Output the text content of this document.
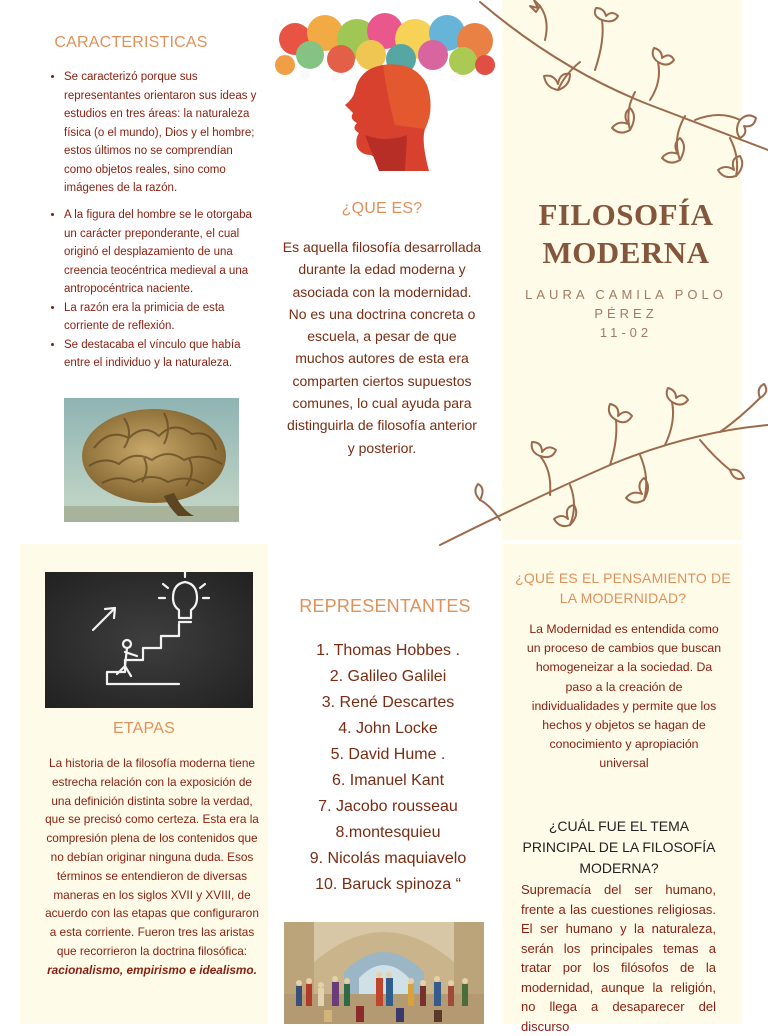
CARACTERISTICAS
• Se caracterizó porque sus representantes orientaron sus ideas y estudios en tres áreas: la naturaleza física (o el mundo), Dios y el hombre; estos últimos no se comprendían como objetos reales, sino como imágenes de la razón.
• A la figura del hombre se le otorgaba un carácter preponderante, el cual originó el desplazamiento de una creencia teocéntrica medieval a una antropocéntrica naciente.
• La razón era la primicia de esta corriente de reflexión.
• Se destacaba el vínculo que había entre el individuo y la naturaleza.
¿QUE ES?
Es aquella filosofía desarrollada durante la edad moderna y asociada con la modernidad. No es una doctrina concreta o escuela, a pesar de que muchos autores de esta era comparten ciertos supuestos comunes, lo cual ayuda para distinguirla de filosofía anterior y posterior.
FILOSOFÍA
MODERNA
LAURA CAMILA POLO
PÉREZ
11-02
ETAPAS
La historia de la filosofía moderna tiene estrecha relación con la exposición de una definición distinta sobre la verdad, que se precisó como certeza. Esta era la compresión plena de los contenidos que no debían originar ninguna duda. Esos términos se entendieron de diversas maneras en los siglos XVII y XVIII, de acuerdo con las etapas que configuraron a esta corriente. Fueron tres las aristas que recorrieron la doctrina filosófica: racionalismo, empirismo e idealismo.
REPRESENTANTES
1. Thomas Hobbes .
2. Galileo Galilei
3. René Descartes
4. John Locke
5. David Hume .
6. Imanuel Kant
7. Jacobo rousseau
8.montesquieu
9. Nicolás maquiavelo
10. Baruck spinoza “
¿QUÉ ES EL PENSAMIENTO DE LA MODERNIDAD?
La Modernidad es entendida como un proceso de cambios que buscan homogeneizar a la sociedad. Da paso a la creación de individualidades y permite que los hechos y objetos se hagan de conocimiento y apropiación universal
¿CUÁL FUE EL TEMA PRINCIPAL DE LA FILOSOFÍA MODERNA?
Supremacía del ser humano, frente a las cuestiones religiosas. El ser humano y la naturaleza, serán los principales temas a tratar por los filósofos de la modernidad, aunque la religión, no llega a desaparecer del discurso
